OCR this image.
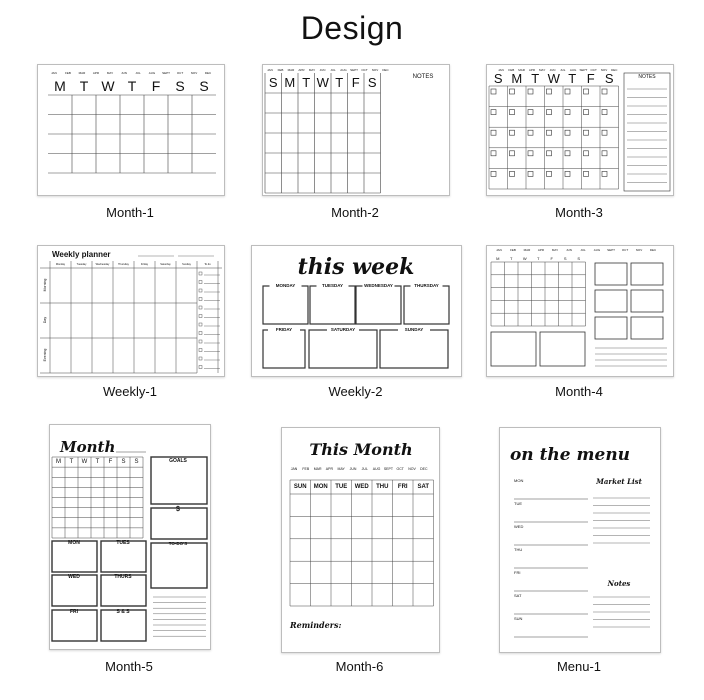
Design
JAN	FEB	MAR	APR	MAY	JUN	JUL	AUG SEPT OCT	NOV	DEC
M T W T F S S
Month-1
JAN FEB MAR APR MAY JUN JUL AUG SEPT OCT NOV DEC
S M T W T F S	NOTES
Month-2
JAN FEB MAR APR MAY JUN JUL AUG SEPT OCT NOV DEC
S M T W T F S	NOTES
Month-3
Weekly planner
Monday	Tuesday	Wednesday	Thursday	Friday	Saturday	Sunday	To do
Morning
Day
Evening
Weekly-1
this week
MONDAY	TUESDAY	WEDNESDAY	THURSDAY
FRIDAY	SATURDAY	SUNDAY
Weekly-2
JAN	FEB	MAR	APR	MAY	JUN	JUL	AUG SEPT OCT	NOV	DEC
M	T	W	T	F	S	S
Month-4
Month
M T W T F S S	GOALS
$
TO-DO'S
MON	TUES
WED	THURS
FRI	S & S
Month-5
This Month
JAN FEB MAR APR MAY JUN JUL AUG SEPT OCT NOV DEC
SUN MON TUE WED THU FRI SAT
Reminders:
Month-6
on the menu
MON
TUE
WED
THU
FRI
SAT
SUN
Market List
Notes
Menu-1
